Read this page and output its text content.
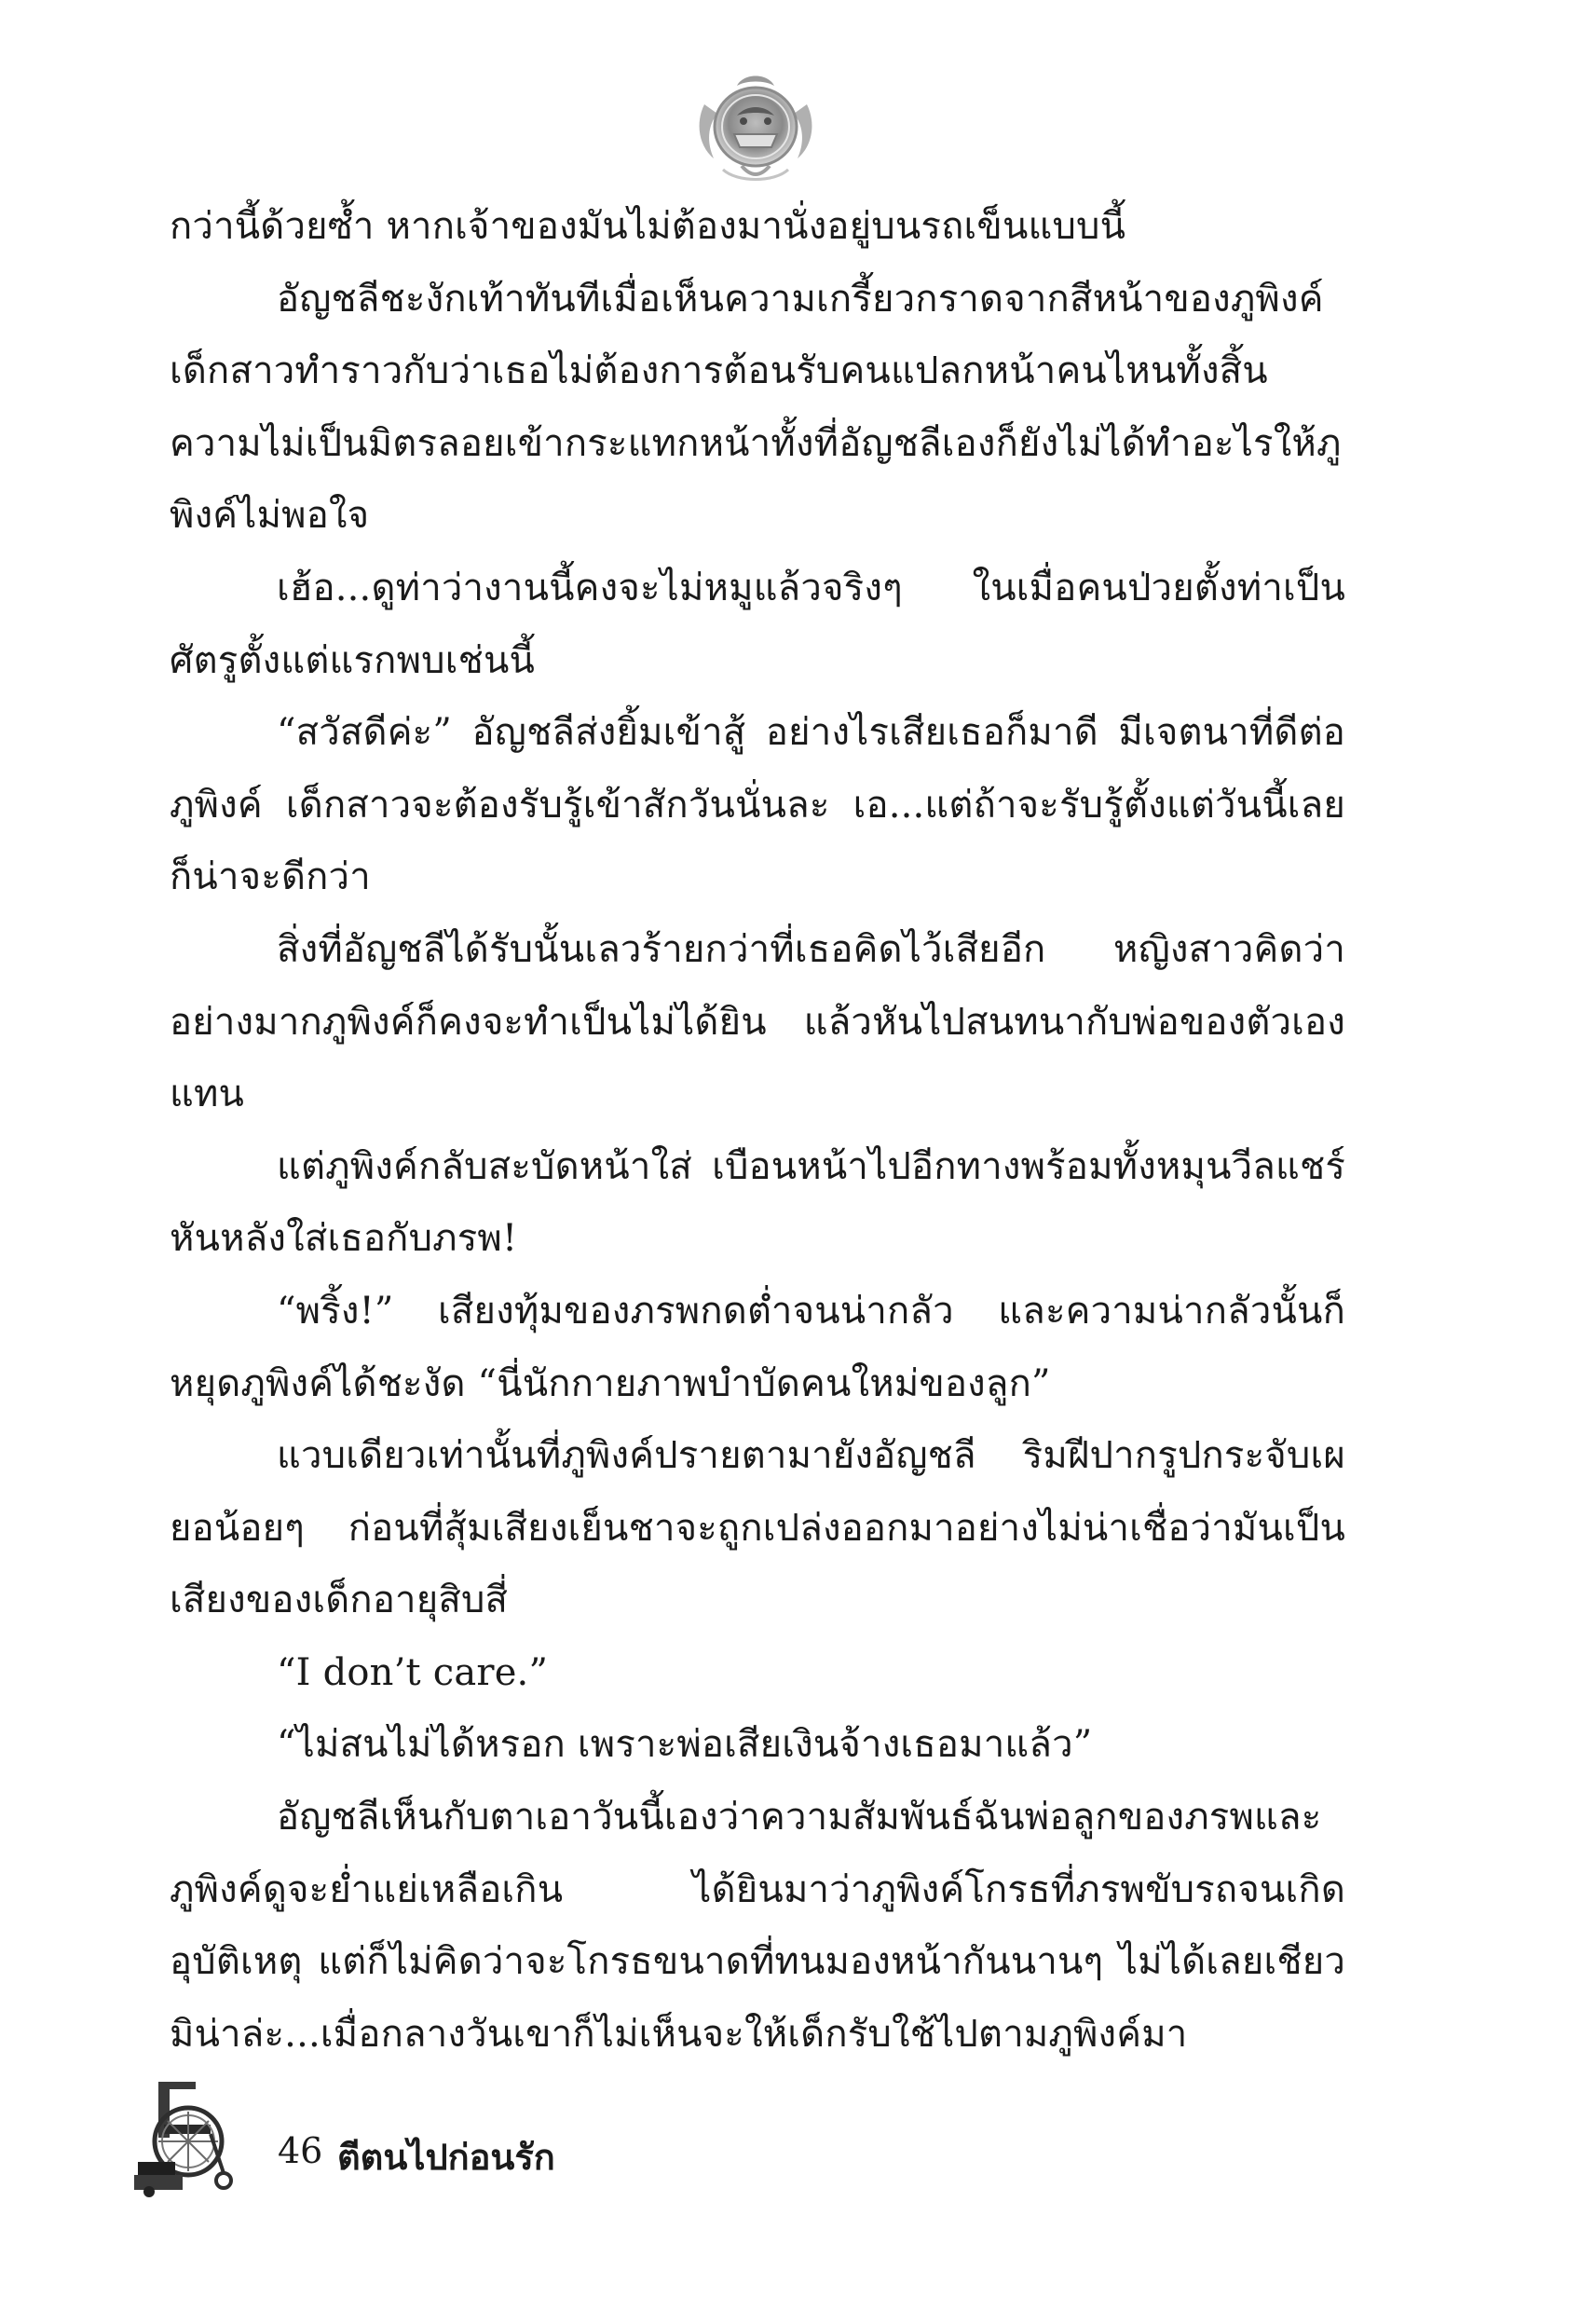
กว่านี้ด้วยซ้ำ หากเจ้าของมันไม่ต้องมานั่งอยู่บนรถเข็นแบบนี้

อัญชลีชะงักเท้าทันทีเมื่อเห็นความเกรี้ยวกราดจากสีหน้าของภูพิงค์ เด็กสาวทำราวกับว่าเธอไม่ต้องการต้อนรับคนแปลกหน้าคนไหนทั้งสิ้น ความไม่เป็นมิตรลอยเข้ากระแทกหน้าทั้งที่อัญชลีเองก็ยังไม่ได้ทำอะไรให้ภูพิงค์ไม่พอใจ

เฮ้อ...ดูท่าว่างานนี้คงจะไม่หมูแล้วจริงๆ ในเมื่อคนป่วยตั้งท่าเป็นศัตรูตั้งแต่แรกพบเช่นนี้

“สวัสดีค่ะ” อัญชลีส่งยิ้มเข้าสู้ อย่างไรเสียเธอก็มาดี มีเจตนาที่ดีต่อภูพิงค์ เด็กสาวจะต้องรับรู้เข้าสักวันนั่นละ เอ...แต่ถ้าจะรับรู้ตั้งแต่วันนี้เลยก็น่าจะดีกว่า

สิ่งที่อัญชลีได้รับนั้นเลวร้ายกว่าที่เธอคิดไว้เสียอีก หญิงสาวคิดว่าอย่างมากภูพิงค์ก็คงจะทำเป็นไม่ได้ยิน แล้วหันไปสนทนากับพ่อของตัวเองแทน

แต่ภูพิงค์กลับสะบัดหน้าใส่ เบือนหน้าไปอีกทางพร้อมทั้งหมุนวีลแชร์หันหลังใส่เธอกับภรพ!

“พริ้ง!” เสียงทุ้มของภรพกดต่ำจนน่ากลัว และความน่ากลัวนั้นก็หยุดภูพิงค์ได้ชะงัด “นี่นักกายภาพบำบัดคนใหม่ของลูก”

แวบเดียวเท่านั้นที่ภูพิงค์ปรายตามายังอัญชลี ริมฝีปากรูปกระจับเผยอน้อยๆ ก่อนที่สุ้มเสียงเย็นชาจะถูกเปล่งออกมาอย่างไม่น่าเชื่อว่ามันเป็นเสียงของเด็กอายุสิบสี่

“I don’t care.”

“ไม่สนไม่ได้หรอก เพราะพ่อเสียเงินจ้างเธอมาแล้ว”

อัญชลีเห็นกับตาเอาวันนี้เองว่าความสัมพันธ์ฉันพ่อลูกของภรพและภูพิงค์ดูจะย่ำแย่เหลือเกิน ได้ยินมาว่าภูพิงค์โกรธที่ภรพขับรถจนเกิดอุบัติเหตุ แต่ก็ไม่คิดว่าจะโกรธขนาดที่ทนมองหน้ากันนานๆ ไม่ได้เลยเชียว มิน่าล่ะ...เมื่อกลางวันเขาก็ไม่เห็นจะให้เด็กรับใช้ไปตามภูพิงค์มา

46 ตีตนไปก่อนรัก
